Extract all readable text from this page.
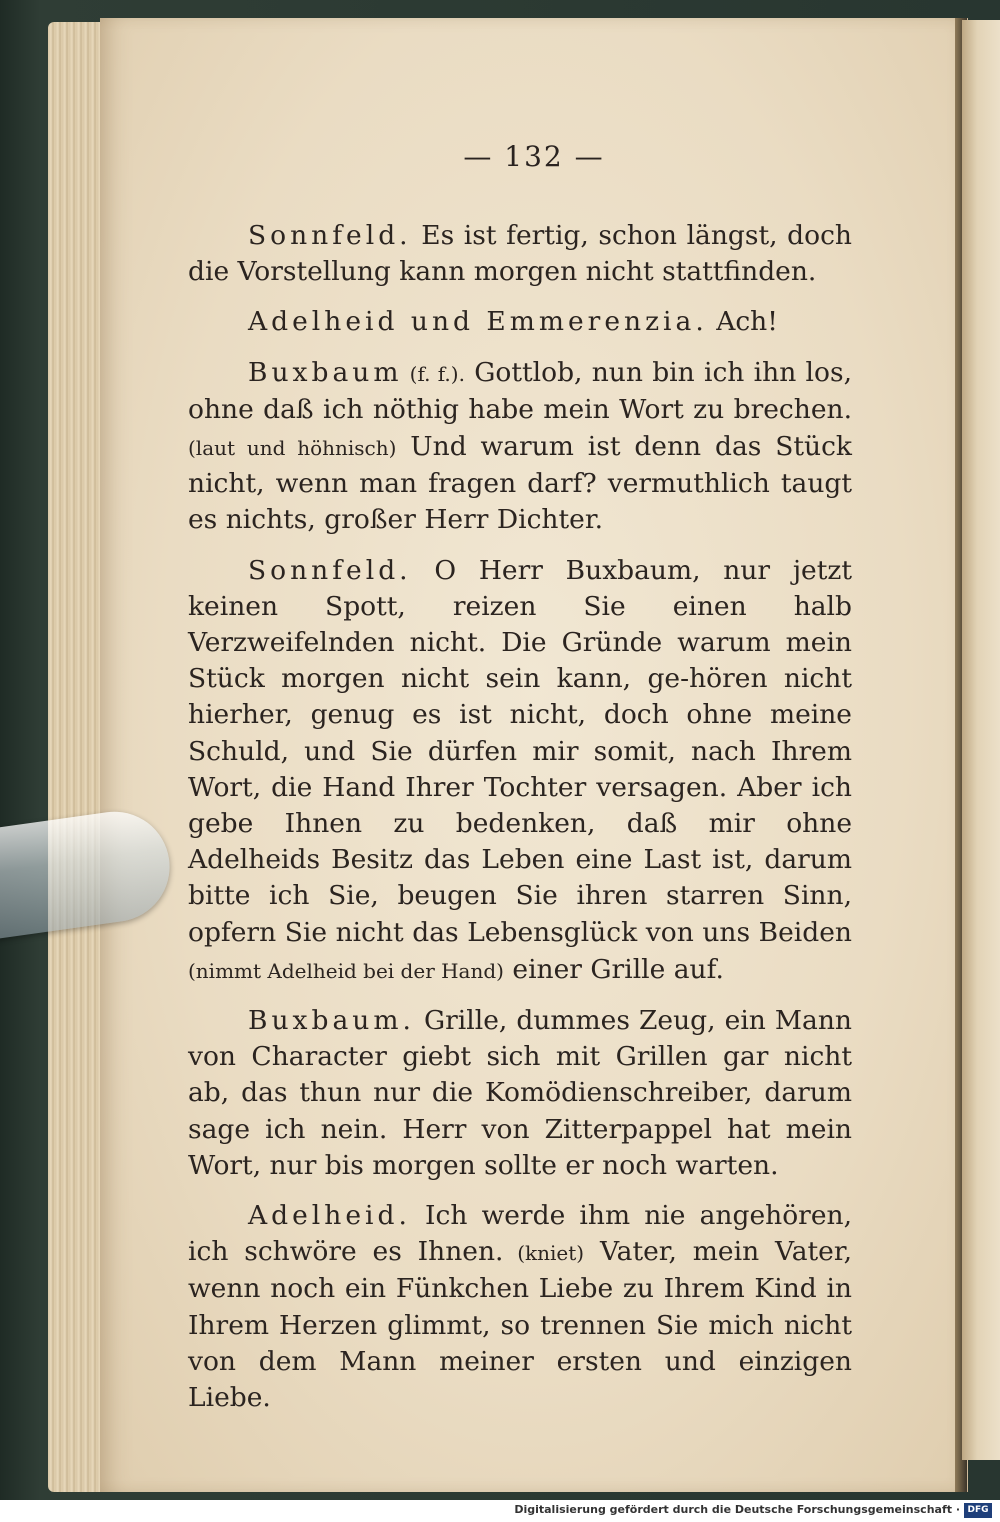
— 132 —

Sonnfeld. Es ist fertig, schon längst, doch die Vorstellung kann morgen nicht stattfinden.

Adelheid und Emmerenzia. Ach!

Buxbaum (f. f.). Gottlob, nun bin ich ihn los, ohne daß ich nöthig habe mein Wort zu brechen. (laut und höhnisch) Und warum ist denn das Stück nicht, wenn man fragen darf? vermuthlich taugt es nichts, großer Herr Dichter.

Sonnfeld. O Herr Buxbaum, nur jetzt keinen Spott, reizen Sie einen halb Verzweifelnden nicht. Die Gründe warum mein Stück morgen nicht sein kann, ge-hören nicht hierher, genug es ist nicht, doch ohne meine Schuld, und Sie dürfen mir somit, nach Ihrem Wort, die Hand Ihrer Tochter versagen. Aber ich gebe Ihnen zu bedenken, daß mir ohne Adelheids Besitz das Leben eine Last ist, darum bitte ich Sie, beugen Sie ihren starren Sinn, opfern Sie nicht das Lebensglück von uns Beiden (nimmt Adelheid bei der Hand) einer Grille auf.

Buxbaum. Grille, dummes Zeug, ein Mann von Character giebt sich mit Grillen gar nicht ab, das thun nur die Komödienschreiber, darum sage ich nein. Herr von Zitterpappel hat mein Wort, nur bis morgen sollte er noch warten.

Adelheid. Ich werde ihm nie angehören, ich schwöre es Ihnen. (kniet) Vater, mein Vater, wenn noch ein Fünkchen Liebe zu Ihrem Kind in Ihrem Herzen glimmt, so trennen Sie mich nicht von dem Mann meiner ersten und einzigen Liebe.

Digitalisierung gefördert durch die Deutsche Forschungsgemeinschaft · DFG
